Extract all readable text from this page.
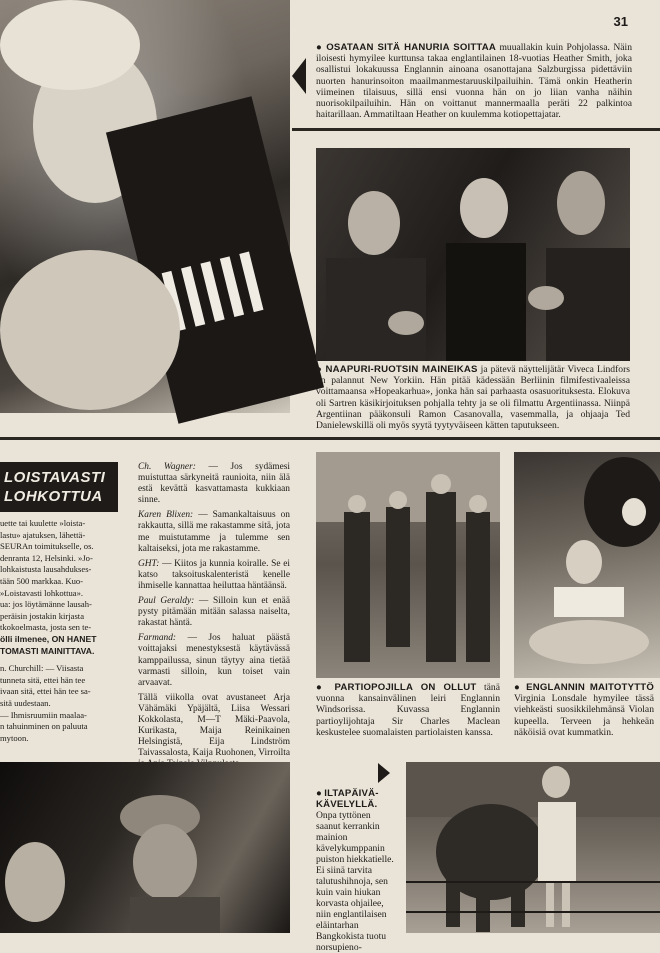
31
● OSATAAN SITÄ HANURIA SOITTAA muuallakin kuin Pohjolassa. Näin iloisesti hymyilee kurttunsa takaa englantilainen 18-vuotias Heather Smith, joka osallistui lokakuussa Englannin ainoana osanottajana Salzburgissa pidettäviin nuorten hanurinsoiton maailmanmestaruuskilpailuihin. Tämä onkin Heatherin viimeinen tilaisuus, sillä ensi vuonna hän on jo liian vanha näihin nuorisokilpailuihin. Hän on voittanut mannermaalla peräti 22 palkintoa haitarillaan. Ammatiltaan Heather on kuulemma kotiopettajatar.
● NAAPURI-RUOTSIN MAINEIKAS ja pätevä näyttelijätär Viveca Lindfors on palannut New Yorkiin. Hän pitää kädessään Berliinin filmifestivaaleissa voittamaansa »Hopeakarhua», jonka hän sai parhaasta osasuorituksesta. Elokuva oli Sartren käsikirjoituksen pohjalla tehty ja se oli filmattu Argentiinassa. Niinpä Argentiinan pääkonsuli Ramon Casanovalla, vasemmalla, ja ohjaaja Ted Danielewskillä oli myös syytä tyytyväiseen kätten taputukseen.
LOISTAVASTI LOHKOTTUA
uette tai kuulette »loista-
lastu» ajatuksen, lähettä-
SEURAn toimitukselle, os.
denranta 12, Helsinki. »Jo-
lohkaistusta lausahdukses-
tään 500 markkaa. Kuo-
»Loistavasti lohkottua».
ua: jos löytämänne lausah-
peräisin jostakin kirjasta
tkokoelmasta, josta sen te-
ölli ilmenee, ON HANET
TOMASTI MAINITTAVA.
n. Churchill: — Viisasta
tunneta sitä, ettei hän tee
ivaan sitä, ettei hän tee sa-
sitä uudestaan.
— Ihmisruumiin maalaa-
n tahuinminen on paluuta
mytoon.

Ch. Wagner: — Jos sydämesi muistuttaa särkyneitä raunioita, niin älä estä kevättä kasvattamasta kukkiaan sinne.

Karen Blixen: — Samankaltaisuus on rakkautta, sillä me rakastamme sitä, jota me muistutamme ja tulemme sen kaltaiseksi, jota me rakastamme.

GHT: — Kiitos ja kunnia koiralle. Se ei katso taksoituskalenteristä kenelle ihmiselle kannattaa heiluttaa häntäänsä.

Paul Geraldy: — Silloin kun et enää pysty pitämään mitään salassa naiselta, rakastat häntä.

Farmand: — Jos haluat päästä voittajaksi menestyksestä käytävässä kamppailussa, sinun täytyy aina tietää varmasti silloin, kun toiset vain arvaavat.

Tällä viikolla ovat avustaneet Arja Vähämäki Ypäjältä, Liisa Wessari Kokkolasta, M—T Mäki-Paavola, Kurikasta, Maija Reinikainen Helsingistä, Eija Lindström Taivassalosta, Kaija Ruohonen, Virroilta

● PARTIOPOJILLA ON OLLUT tänä vuonna kansainvälinen leiri Englannin Windsorissa. Kuvassa Englannin partioylijohtaja Sir Charles Maclean keskustelee suomalaisten partiolaisten kanssa.
● ENGLANNIN MAITOTYTTÖ Virginia Lonsdale hymyilee tässä viehkeästi suosikkilehmänsä Violan kupeella. Terveen ja hehkeän näköisiä ovat kummatkin.
● ILTAPÄIVÄ-KÄVELYLLÄ. Onpa tyttönen saanut kerrankin mainion kävelykumppanin puiston hiekkatielle. Ei siinä tarvita talutushihnoja, sen kuin vain hiukan korvasta ohjailee, niin englantilaisen eläintarhan Bangkokista tuotu norsupieno-
